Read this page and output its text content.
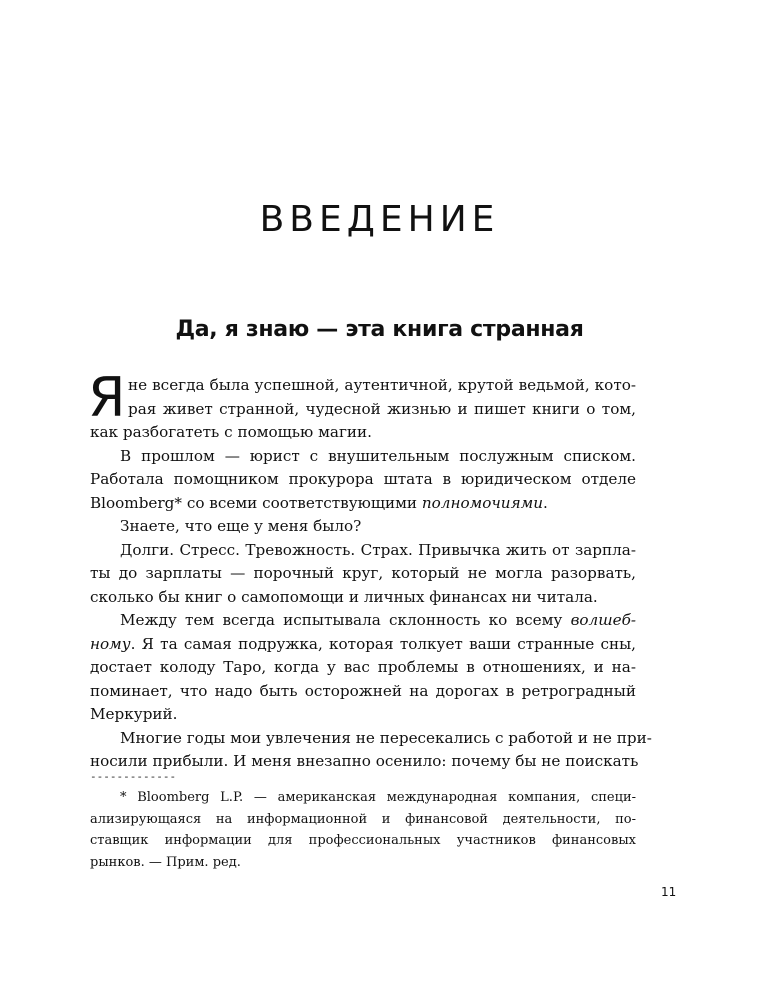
ВВЕДЕНИЕ
Да, я знаю — эта книга странная
Я не всегда была успешной, аутентичной, крутой ведьмой, кото-
рая живет странной, чудесной жизнью и пишет книги о том,
как разбогатеть с помощью магии.
В прошлом — юрист с внушительным послужным списком.
Работала помощником прокурора штата в юридическом отделе
Bloomberg* со всеми соответствующими полномочиями.
Знаете, что еще у меня было?
Долги. Стресс. Тревожность. Страх. Привычка жить от зарпла-
ты до зарплаты — порочный круг, который не могла разорвать,
сколько бы книг о самопомощи и личных финансах ни читала.
Между тем всегда испытывала склонность ко всему волшеб-
ному. Я та самая подружка, которая толкует ваши странные сны,
достает колоду Таро, когда у вас проблемы в отношениях, и на-
поминает, что надо быть осторожней на дорогах в ретроградный
Меркурий.
Многие годы мои увлечения не пересекались с работой и не при-
носили прибыли. И меня внезапно осенило: почему бы не поискать
-------------
* Bloomberg L.P. — американская международная компания, специ-
ализирующаяся на информационной и финансовой деятельности, по-
ставщик информации для профессиональных участников финансовых
рынков. — Прим. ред.
11
